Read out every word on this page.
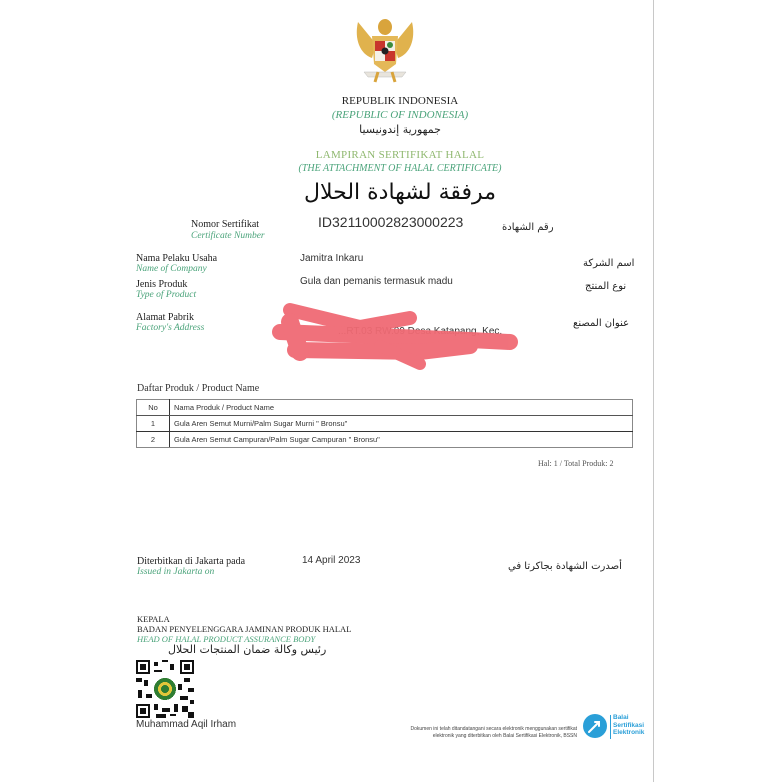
REPUBLIK INDONESIA
(REPUBLIC OF INDONESIA)
جمهورية إندونيسيا
LAMPIRAN SERTIFIKAT HALAL
(THE ATTACHMENT OF HALAL CERTIFICATE)
مرفقة لشهادة الحلال
Nomor Sertifikat
Certificate Number
ID32110002823000223	رقم الشهادة
Nama Pelaku Usaha
Name of Company
Jamitra Inkaru	اسم الشركة
Jenis Produk
Type of Product
Gula dan pemanis termasuk madu	نوع المنتج
Alamat Pabrik
Factory's Address	...RT.03 RW.09 Desa Katapang, Kec.
عنوان المصنع
Daftar Produk / Product Name
No	Nama Produk / Product Name
1	Gula Aren Semut Murni/Palm Sugar Murni " Bronsu"
2	Gula Aren Semut Campuran/Palm Sugar Campuran " Bronsu"
Hal: 1 / Total Produk: 2
Diterbitkan di Jakarta pada
Issued in Jakarta on
14 April 2023
أصدرت الشهادة بجاكرتا في
KEPALA
BADAN PENYELENGGARA JAMINAN PRODUK HALAL
HEAD OF HALAL PRODUCT ASSURANCE BODY
رئيس وكالة ضمان المنتجات الحلال
Muhammad Aqil Irham	Dokumen ini telah ditandatangani secara elektronik menggunakan sertifikat
elektronik yang diterbitkan oleh Balai Sertifikasi Elektronik, BSSN
Balai
Sertifikasi
Elektronik
